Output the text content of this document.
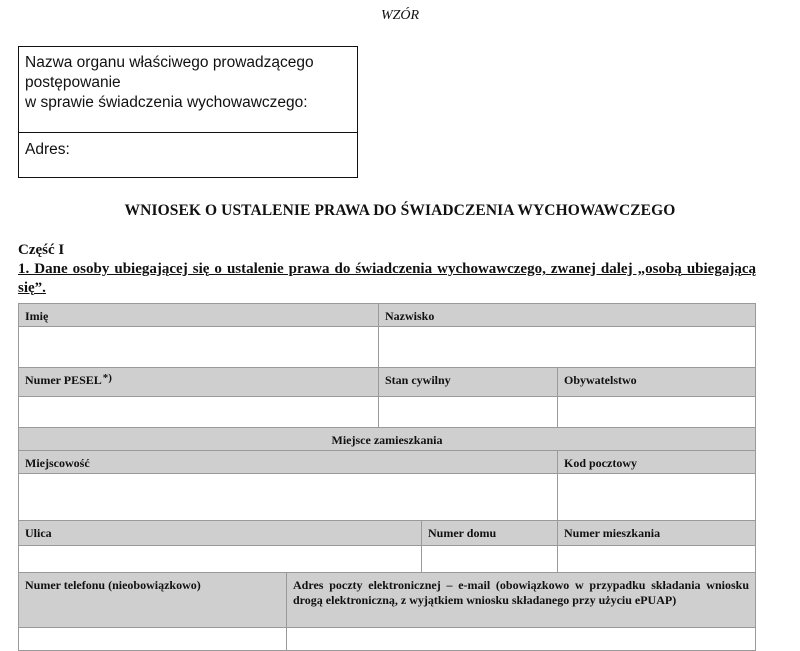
WZÓR
Nazwa organu właściwego prowadzącego
postępowanie
w sprawie świadczenia wychowawczego:
Adres:
WNIOSEK O USTALENIE PRAWA DO ŚWIADCZENIA WYCHOWAWCZEGO
Część I
1. Dane osoby ubiegającej się o ustalenie prawa do świadczenia wychowawczego, zwanej dalej „osobą ubiegającą się”.
Imię	Nazwisko
Numer PESEL*)	Stan cywilny	Obywatelstwo
Miejsce zamieszkania
Miejscowość	Kod pocztowy
Ulica	Numer domu	Numer mieszkania
Numer telefonu (nieobowiązkowo)	Adres poczty elektronicznej – e-mail (obowiązkowo w przypadku składania wniosku drogą elektroniczną, z wyjątkiem wniosku składanego przy użyciu ePUAP)
